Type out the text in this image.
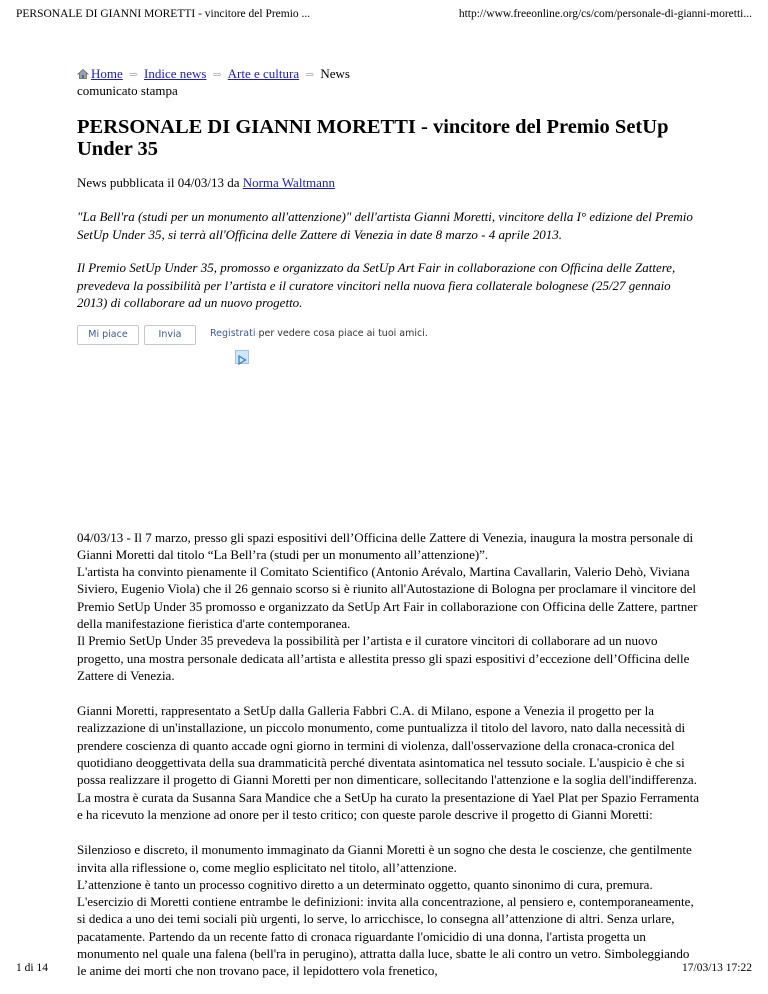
PERSONALE DI GIANNI MORETTI - vincitore del Premio ...	http://www.freeonline.org/cs/com/personale-di-gianni-moretti...
Home ⇒ Indice news ⇒ Arte e cultura ⇒ News
comunicato stampa
PERSONALE DI GIANNI MORETTI - vincitore del Premio SetUp Under 35
News pubblicata il 04/03/13 da Norma Waltmann

"La Bell'ra (studi per un monumento all'attenzione)" dell'artista Gianni Moretti, vincitore della I° edizione del Premio SetUp Under 35, si terrà all'Officina delle Zattere di Venezia in date 8 marzo - 4 aprile 2013.

Il Premio SetUp Under 35, promosso e organizzato da SetUp Art Fair in collaborazione con Officina delle Zattere, prevedeva la possibilità per l’artista e il curatore vincitori nella nuova fiera collaterale bolognese (25/27 gennaio 2013) di collaborare ad un nuovo progetto.

Mi piace	Invia	Registrati per vedere cosa piace ai tuoi amici.

04/03/13 - Il 7 marzo, presso gli spazi espositivi dell’Officina delle Zattere di Venezia, inaugura la mostra personale di Gianni Moretti dal titolo “La Bell’ra (studi per un monumento all’attenzione)”.
L'artista ha convinto pienamente il Comitato Scientifico (Antonio Arévalo, Martina Cavallarin, Valerio Dehò, Viviana Siviero, Eugenio Viola) che il 26 gennaio scorso si è riunito all'Autostazione di Bologna per proclamare il vincitore del Premio SetUp Under 35 promosso e organizzato da SetUp Art Fair in collaborazione con Officina delle Zattere, partner della manifestazione fieristica d'arte contemporanea.
Il Premio SetUp Under 35 prevedeva la possibilità per l’artista e il curatore vincitori di collaborare ad un nuovo progetto, una mostra personale dedicata all’artista e allestita presso gli spazi espositivi d’eccezione dell’Officina delle Zattere di Venezia.

Gianni Moretti, rappresentato a SetUp dalla Galleria Fabbri C.A. di Milano, espone a Venezia il progetto per la realizzazione di un'installazione, un piccolo monumento, come puntualizza il titolo del lavoro, nato dalla necessità di prendere coscienza di quanto accade ogni giorno in termini di violenza, dall'osservazione della cronaca-cronica del quotidiano deoggettivata della sua drammaticità perché diventata asintomatica nel tessuto sociale. L'auspicio è che si possa realizzare il progetto di Gianni Moretti per non dimenticare, sollecitando l'attenzione e la soglia dell'indifferenza. La mostra è curata da Susanna Sara Mandice che a SetUp ha curato la presentazione di Yael Plat per Spazio Ferramenta e ha ricevuto la menzione ad onore per il testo critico; con queste parole descrive il progetto di Gianni Moretti:

Silenzioso e discreto, il monumento immaginato da Gianni Moretti è un sogno che desta le coscienze, che gentilmente invita alla riflessione o, come meglio esplicitato nel titolo, all’attenzione.
L’attenzione è tanto un processo cognitivo diretto a un determinato oggetto, quanto sinonimo di cura, premura. L'esercizio di Moretti contiene entrambe le definizioni: invita alla concentrazione, al pensiero e, contemporaneamente, si dedica a uno dei temi sociali più urgenti, lo serve, lo arricchisce, lo consegna all’attenzione di altri. Senza urlare, pacatamente. Partendo da un recente fatto di cronaca riguardante l'omicidio di una donna, l'artista progetta un monumento nel quale una falena (bell'ra in perugino), attratta dalla luce, sbatte le ali contro un vetro. Simboleggiando le anime dei morti che non trovano pace, il lepidottero vola frenetico,

1 di 14	17/03/13 17:22
